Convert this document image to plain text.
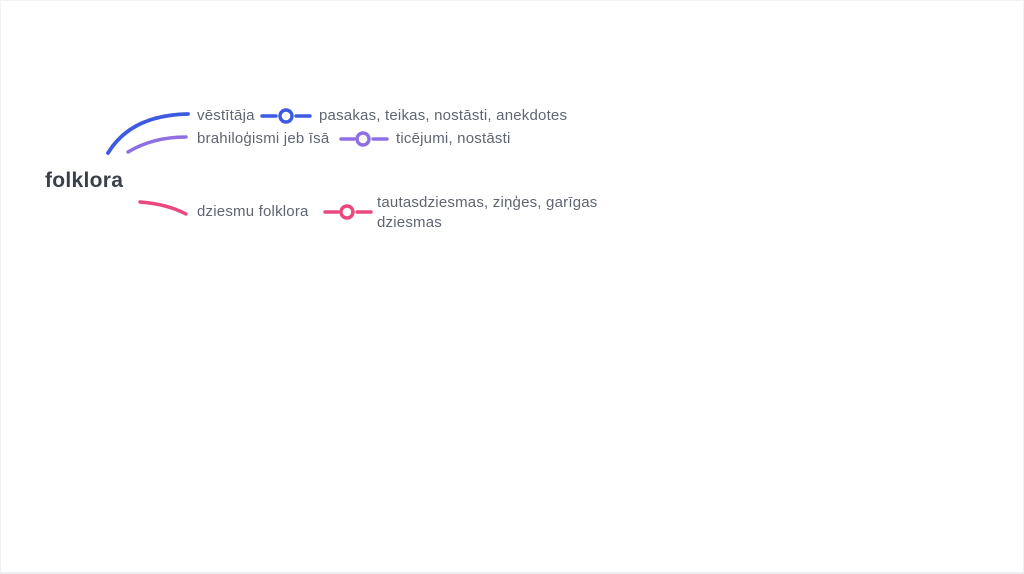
folklora
vēstītāja	pasakas, teikas, nostāsti, anekdotes
brahiloģismi jeb īsā	ticējumi, nostāsti
dziesmu folklora
tautasdziesmas, ziņģes, garīgas dziesmas
